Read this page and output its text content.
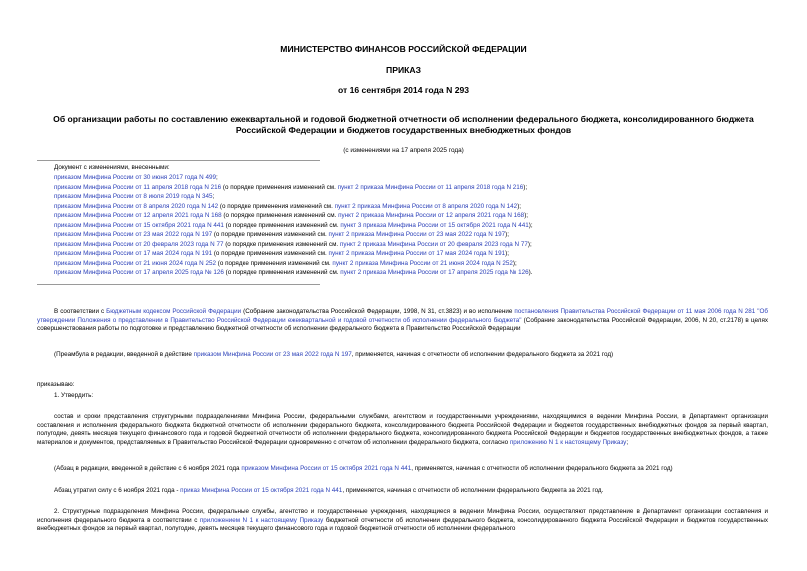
МИНИСТЕРСТВО ФИНАНСОВ РОССИЙСКОЙ ФЕДЕРАЦИИ
ПРИКАЗ
от 16 сентября 2014 года N 293
Об организации работы по составлению ежеквартальной и годовой бюджетной отчетности об исполнении федерального бюджета, консолидированного бюджета
Российской Федерации и бюджетов государственных внебюджетных фондов
(с изменениями на 17 апреля 2025 года)
Документ с изменениями, внесенными:
приказом Минфина России от 30 июня 2017 года N 499;
приказом Минфина России от 11 апреля 2018 года N 216 (о порядке применения изменений см. пункт 2 приказа Минфина России от 11 апреля 2018 года N 216);
приказом Минфина России от 8 июля 2019 года N 345;
приказом Минфина России от 8 апреля 2020 года N 142 (о порядке применения изменений см. пункт 2 приказа Минфина России от 8 апреля 2020 года N 142);
приказом Минфина России от 12 апреля 2021 года N 168 (о порядке применения изменений см. пункт 2 приказа Минфина России от 12 апреля 2021 года N 168);
приказом Минфина России от 15 октября 2021 года N 441 (о порядке применения изменений см. пункт 3 приказа Минфина России от 15 октября 2021 года N 441);
приказом Минфина России от 23 мая 2022 года N 197 (о порядке применения изменений см. пункт 2 приказа Минфина России от 23 мая 2022 года N 197);
приказом Минфина России от 20 февраля 2023 года N 77 (о порядке применения изменений см. пункт 2 приказа Минфина России от 20 февраля 2023 года N 77);
приказом Минфина России от 17 мая 2024 года N 191 (о порядке применения изменений см. пункт 2 приказа Минфина России от 17 мая 2024 года N 191);
приказом Минфина России от 21 июня 2024 года N 252 (о порядке применения изменений см. пункт 2 приказа Минфина России от 21 июня 2024 года N 252);
приказом Минфина России от 17 апреля 2025 года № 126 (о порядке применения изменений см. пункт 2 приказа Минфина России от 17 апреля 2025 года № 126).
В соответствии с Бюджетным кодексом Российской Федерации (Собрание законодательства Российской Федерации, 1998, N 31, ст.3823) и во исполнение постановления Правительства Российской Федерации от 11 мая 2006 года N 281 "Об утверждении Положения о представлении в Правительство Российской Федерации ежеквартальной и годовой отчетности об исполнении федерального бюджета" (Собрание законодательства Российской Федерации, 2006, N 20, ст.2178) в целях совершенствования работы по подготовке и представлению бюджетной отчетности об исполнении федерального бюджета в Правительство Российской Федерации
(Преамбула в редакции, введенной в действие приказом Минфина России от 23 мая 2022 года N 197, применяется, начиная с отчетности об исполнении федерального бюджета за 2021 год)
приказываю:
1. Утвердить:
состав и сроки представления структурными подразделениями Минфина России, федеральными службами, агентством и государственными учреждениями, находящимися в ведении Минфина России, в Департамент организации составления и исполнения федерального бюджета бюджетной отчетности об исполнении федерального бюджета, консолидированного бюджета Российской Федерации и бюджетов государственных внебюджетных фондов за первый квартал, полугодие, девять месяцев текущего финансового года и годовой бюджетной отчетности об исполнении федерального бюджета, консолидированного бюджета Российской Федерации и бюджетов государственных внебюджетных фондов, а также материалов и документов, представляемых в Правительство Российской Федерации одновременно с отчетом об исполнении федерального бюджета, согласно приложению N 1 к настоящему Приказу;
(Абзац в редакции, введенной в действие с 6 ноября 2021 года приказом Минфина России от 15 октября 2021 года N 441, применяется, начиная с отчетности об исполнении федерального бюджета за 2021 год)
Абзац утратил силу с 6 ноября 2021 года - приказ Минфина России от 15 октября 2021 года N 441, применяется, начиная с отчетности об исполнении федерального бюджета за 2021 год.
2. Структурные подразделения Минфина России, федеральные службы, агентство и государственные учреждения, находящиеся в ведении Минфина России, осуществляют представление в Департамент организации составления и исполнения федерального бюджета в соответствии с приложением N 1 к настоящему Приказу бюджетной отчетности об исполнении федерального бюджета, консолидированного бюджета Российской Федерации и бюджетов государственных внебюджетных фондов за первый квартал, полугодие, девять месяцев текущего финансового года и годовой бюджетной отчетности об исполнении федерального
